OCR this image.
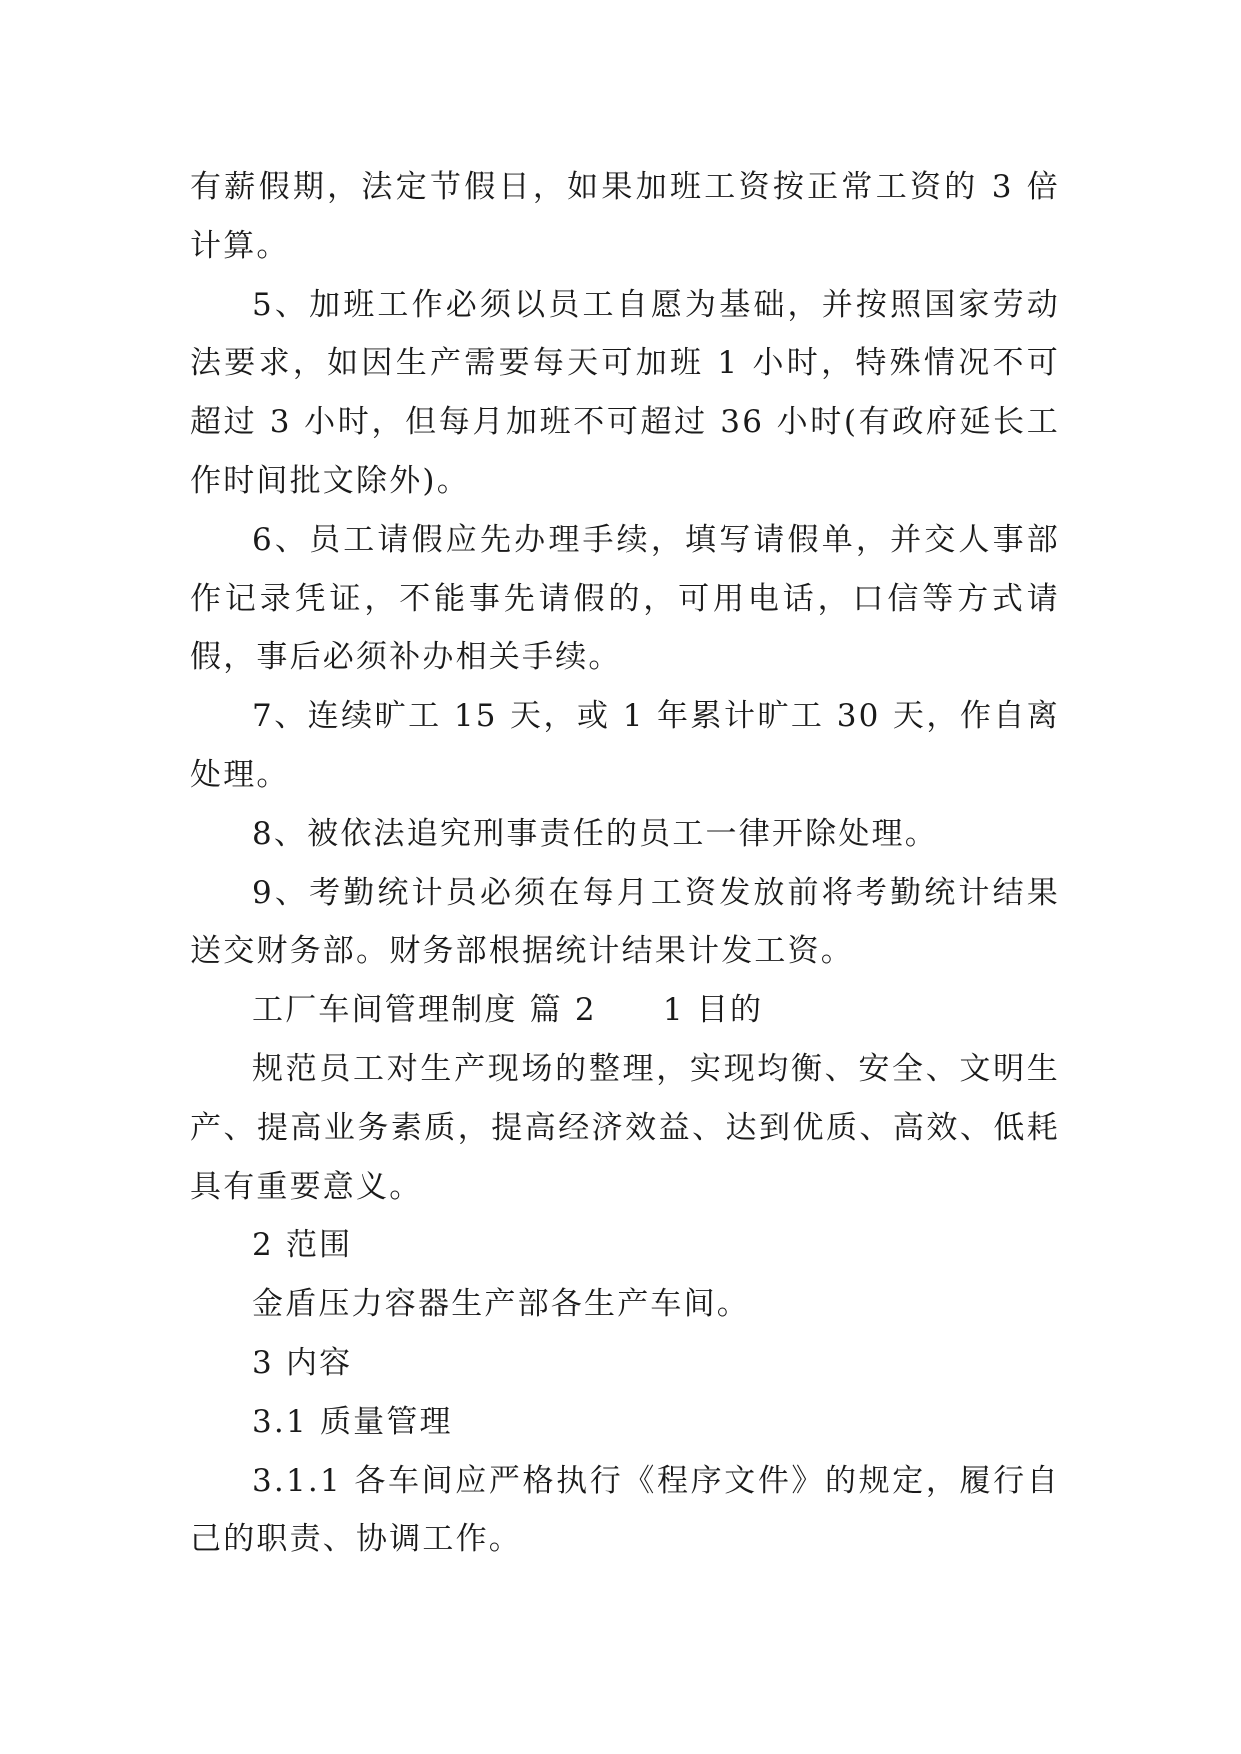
有薪假期，法定节假日，如果加班工资按正常工资的 3 倍计算。

5、加班工作必须以员工自愿为基础，并按照国家劳动法要求，如因生产需要每天可加班 1 小时，特殊情况不可超过 3 小时，但每月加班不可超过 36 小时(有政府延长工作时间批文除外)。

6、员工请假应先办理手续，填写请假单，并交人事部作记录凭证，不能事先请假的，可用电话，口信等方式请假，事后必须补办相关手续。

7、连续旷工 15 天，或 1 年累计旷工 30 天，作自离处理。

8、被依法追究刑事责任的员工一律开除处理。

9、考勤统计员必须在每月工资发放前将考勤统计结果送交财务部。财务部根据统计结果计发工资。

工厂车间管理制度 篇 2 1 目的

规范员工对生产现场的整理，实现均衡、安全、文明生产、提高业务素质，提高经济效益、达到优质、高效、低耗具有重要意义。

2 范围

金盾压力容器生产部各生产车间。

3 内容

3.1 质量管理

3.1.1 各车间应严格执行《程序文件》的规定，履行自己的职责、协调工作。
